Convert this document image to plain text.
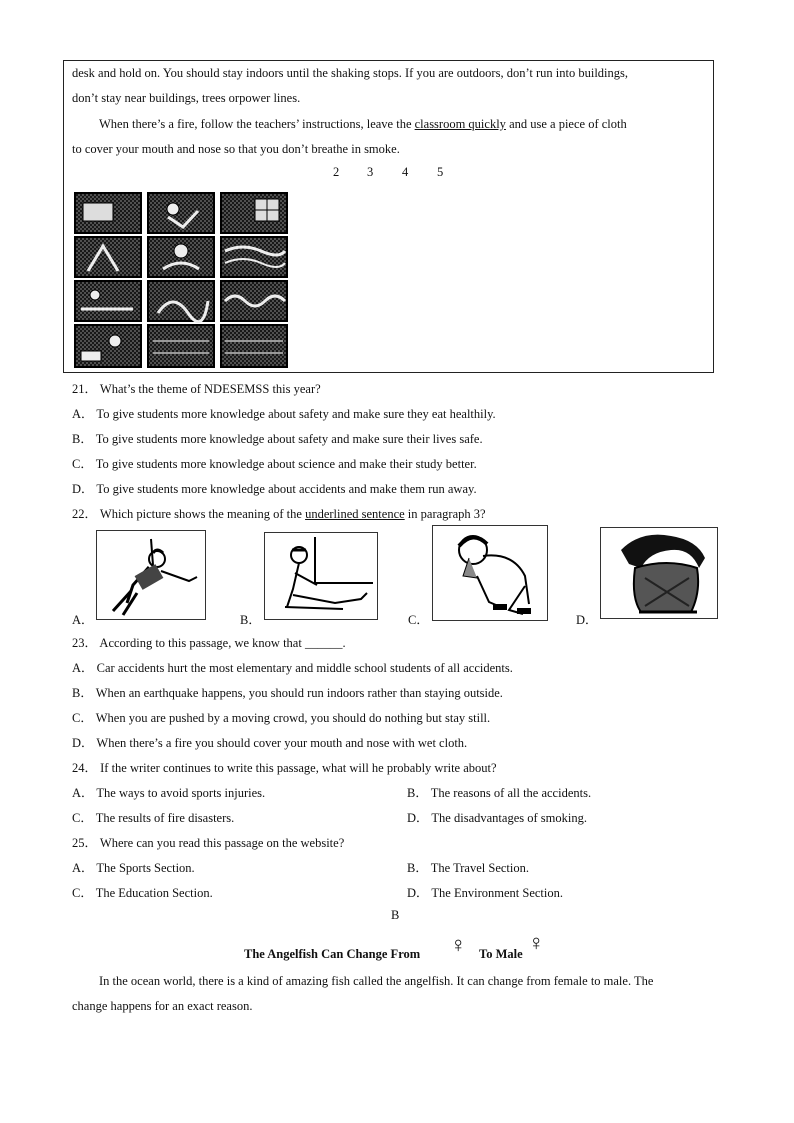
desk and hold on. You should stay indoors until the shaking stops. If you are outdoors, don’t run into buildings,
don’t stay near buildings, trees orpower lines.
When there’s a fire, follow the teachers’ instructions, leave the classroom quickly and use a piece of cloth
to cover your mouth and nose so that you don’t breathe in smoke.
2 3 4 5
21． What’s the theme of NDESEMSS this year?
A． To give students more knowledge about safety and make sure they eat healthily.
B． To give students more knowledge about safety and make sure their lives safe.
C． To give students more knowledge about science and make their study better.
D． To give students more knowledge about accidents and make them run away.
22． Which picture shows the meaning of the underlined sentence in paragraph 3?
A．	B．	C．	D．
23． According to this passage, we know that ______.
A． Car accidents hurt the most elementary and middle school students of all accidents.
B． When an earthquake happens, you should run indoors rather than staying outside.
C． When you are pushed by a moving crowd, you should do nothing but stay still.
D． When there’s a fire you should cover your mouth and nose with wet cloth.
24． If the writer continues to write this passage, what will he probably write about?
A． The ways to avoid sports injuries.	B． The reasons of all the accidents.
C． The results of fire disasters.	D． The disadvantages of smoking.
25． Where can you read this passage on the website?
A． The Sports Section.	B． The Travel Section.
C． The Education Section.	D． The Environment Section.
B
The Angelfish Can Change From ♀ To Male ♀
In the ocean world, there is a kind of amazing fish called the angelfish. It can change from female to male. The
change happens for an exact reason.
